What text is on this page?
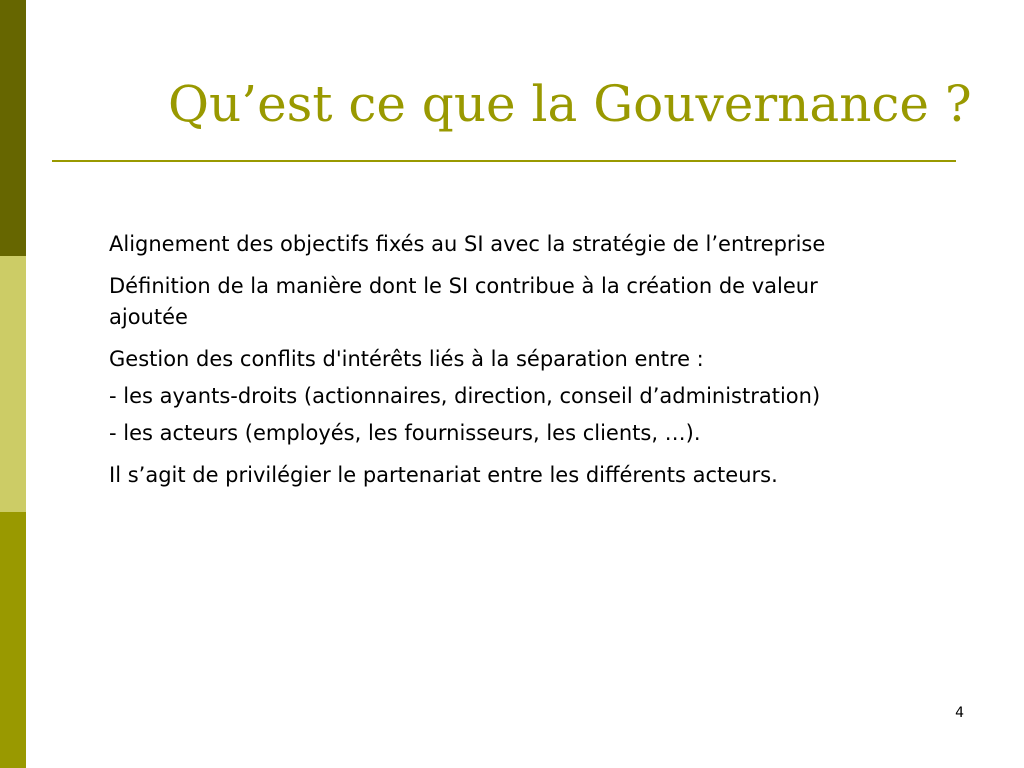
Qu’est ce que la Gouvernance ?

Alignement des objectifs fixés au SI avec la stratégie de l’entreprise

Définition de la manière dont le SI contribue à la création de valeur
ajoutée

Gestion des conflits d'intérêts liés à la séparation entre :
- les ayants-droits (actionnaires, direction, conseil d’administration)
- les acteurs (employés, les fournisseurs, les clients, …).

Il s’agit de privilégier le partenariat entre les différents acteurs.

4
